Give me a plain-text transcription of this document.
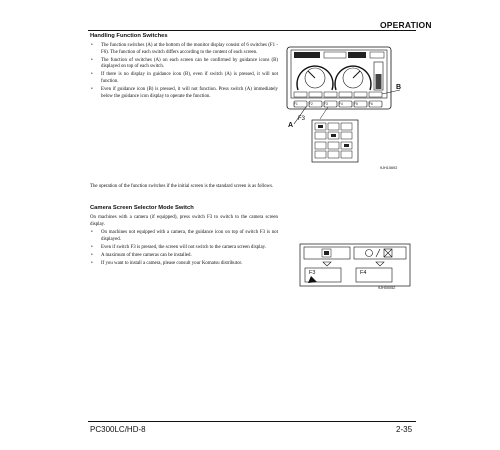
OPERATION
Handling Function Switches
• The function switches (A) at the bottom of the monitor display consist of 6 switches (F1 - F6). The function of each switch differs according to the content of each screen.
• The function of switches (A) on each screen can be confirmed by guidance icons (B) displayed on top of each switch.
• If there is no display in guidance icon (B), even if switch (A) is pressed, it will not function.
• Even if guidance icon (B) is pressed, it will not function. Press switch (A) immediately below the guidance icon display to operate the function.
B
A
F3
9JH10692

The operation of the function switches if the initial screen is the standard screen is as follows.

Camera Screen Selector Mode Switch

On machines with a camera (if equipped), press switch F3 to switch to the camera screen display.

• On machines not equipped with a camera, the guidance icon on top of switch F3 is not displayed.
• Even if switch F3 is pressed, the screen will not switch to the camera screen display.
• A maximum of three cameras can be installed.
• If you want to install a camera, please consult your Komatsu distributor.
F3	F4
9JH00052
PC300LC/HD-8	2-35
F1	F2	F3	F4	F5	F6
